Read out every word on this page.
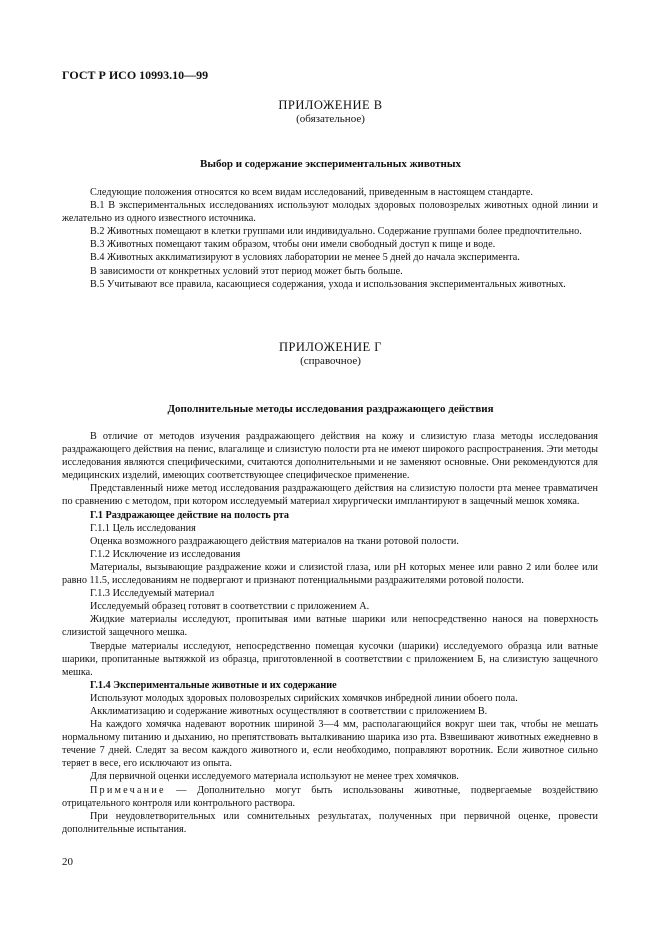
ГОСТ Р ИСО 10993.10—99
ПРИЛОЖЕНИЕ В
(обязательное)
Выбор и содержание экспериментальных животных

Следующие положения относятся ко всем видам исследований, приведенным в настоящем стандарте.

В.1 В экспериментальных исследованиях используют молодых здоровых половозрелых животных одной линии и желательно из одного известного источника.

В.2 Животных помещают в клетки группами или индивидуально. Содержание группами более предпочтительно.

В.3 Животных помещают таким образом, чтобы они имели свободный доступ к пище и воде.

В.4 Животных акклиматизируют в условиях лаборатории не менее 5 дней до начала эксперимента.

В зависимости от конкретных условий этот период может быть больше.

В.5 Учитывают все правила, касающиеся содержания, ухода и использования экспериментальных животных.

ПРИЛОЖЕНИЕ Г
(справочное)
Дополнительные методы исследования раздражающего действия

В отличие от методов изучения раздражающего действия на кожу и слизистую глаза методы исследования раздражающего действия на пенис, влагалище и слизистую полости рта не имеют широкого распространения. Эти методы исследования являются специфическими, считаются дополнительными и не заменяют основные. Они рекомендуются для медицинских изделий, имеющих соответствующее специфическое применение.

Представленный ниже метод исследования раздражающего действия на слизистую полости рта менее травматичен по сравнению с методом, при котором исследуемый материал хирургически имплантируют в защечный мешок хомяка.

Г.1 Раздражающее действие на полость рта

Г.1.1 Цель исследования

Оценка возможного раздражающего действия материалов на ткани ротовой полости.

Г.1.2 Исключение из исследования

Материалы, вызывающие раздражение кожи и слизистой глаза, или рН которых менее или равно 2 или более или равно 11.5, исследованиям не подвергают и признают потенциальными раздражителями ротовой полости.

Г.1.3 Исследуемый материал

Исследуемый образец готовят в соответствии с приложением А.

Жидкие материалы исследуют, пропитывая ими ватные шарики или непосредственно нанося на поверхность слизистой защечного мешка.

Твердые материалы исследуют, непосредственно помещая кусочки (шарики) исследуемого образца или ватные шарики, пропитанные вытяжкой из образца, приготовленной в соответствии с приложением Б, на слизистую защечного мешка.

Г.1.4 Экспериментальные животные и их содержание

Используют молодых здоровых половозрелых сирийских хомячков инбредной линии обоего пола.

Акклиматизацию и содержание животных осуществляют в соответствии с приложением В.

На каждого хомячка надевают воротник шириной 3—4 мм, располагающийся вокруг шеи так, чтобы не мешать нормальному питанию и дыханию, но препятствовать выталкиванию шарика изо рта. Взвешивают животных ежедневно в течение 7 дней. Следят за весом каждого животного и, если необходимо, поправляют воротник. Если животное сильно теряет в весе, его исключают из опыта.

Для первичной оценки исследуемого материала используют не менее трех хомячков.

Примечание — Дополнительно могут быть использованы животные, подвергаемые воздействию отрицательного контроля или контрольного раствора.

При неудовлетворительных или сомнительных результатах, полученных при первичной оценке, провести дополнительные испытания.

20
